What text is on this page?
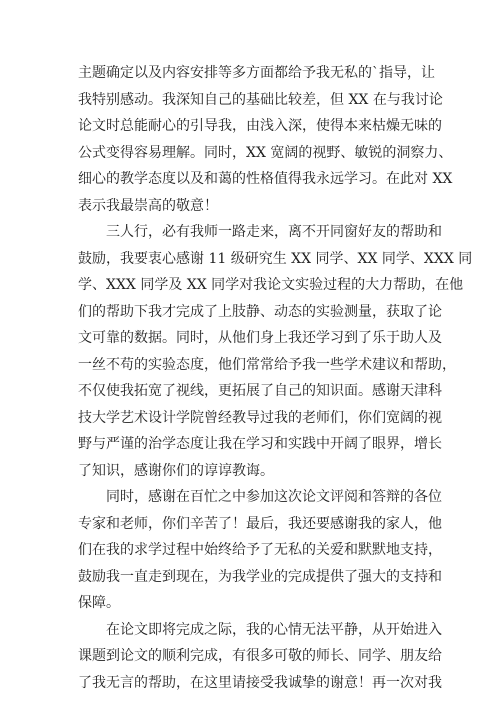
主题确定以及内容安排等多方面都给予我无私的`指导，让
我特别感动。我深知自己的基础比较差，但 XX 在与我讨论
论文时总能耐心的引导我，由浅入深，使得本来枯燥无味的
公式变得容易理解。同时，XX 宽阔的视野、敏锐的洞察力、
细心的教学态度以及和蔼的性格值得我永远学习。在此对 XX
表示我最崇高的敬意！
三人行，必有我师一路走来，离不开同窗好友的帮助和
鼓励，我要衷心感谢 11 级研究生 XX 同学、XX 同学、XXX 同
学、XXX 同学及 XX 同学对我论文实验过程的大力帮助，在他
们的帮助下我才完成了上肢静、动态的实验测量，获取了论
文可靠的数据。同时，从他们身上我还学习到了乐于助人及
一丝不苟的实验态度，他们常常给予我一些学术建议和帮助，
不仅使我拓宽了视线，更拓展了自己的知识面。感谢天津科
技大学艺术设计学院曾经教导过我的老师们，你们宽阔的视
野与严谨的治学态度让我在学习和实践中开阔了眼界，增长
了知识，感谢你们的谆谆教诲。
同时，感谢在百忙之中参加这次论文评阅和答辩的各位
专家和老师，你们辛苦了！最后，我还要感谢我的家人，他
们在我的求学过程中始终给予了无私的关爱和默默地支持，
鼓励我一直走到现在，为我学业的完成提供了强大的支持和
保障。
在论文即将完成之际，我的心情无法平静，从开始进入
课题到论文的顺利完成，有很多可敬的师长、同学、朋友给
了我无言的帮助，在这里请接受我诚挚的谢意！再一次对我
